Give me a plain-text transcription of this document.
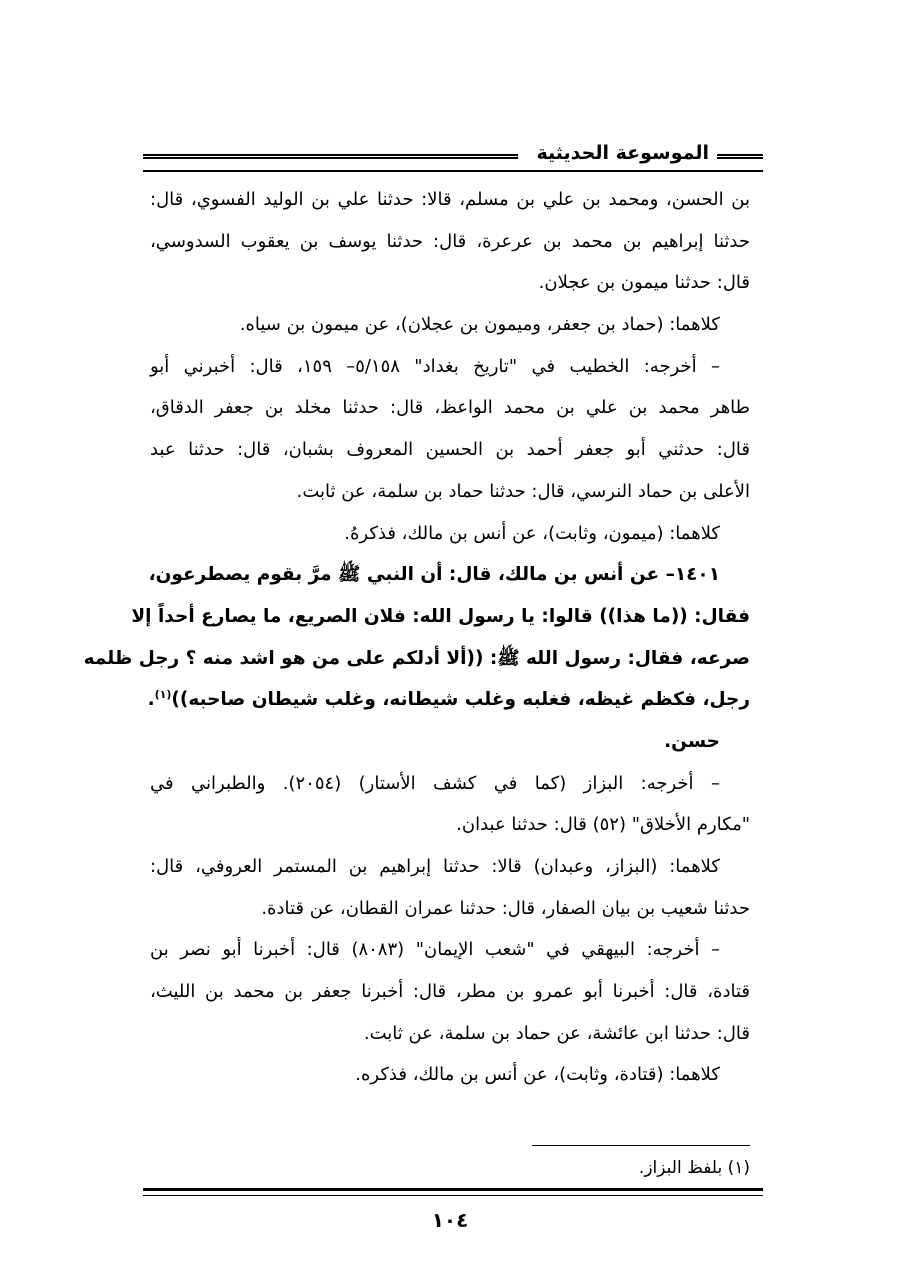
الموسوعة الحديثية
بن الحسن، ومحمد بن علي بن مسلم، قالا: حدثنا علي بن الوليد الفسوي، قال:
حدثنا إبراهيم بن محمد بن عرعرة، قال: حدثنا يوسف بن يعقوب السدوسي،
قال: حدثنا ميمون بن عجلان.
كلاهما: (حماد بن جعفر، وميمون بن عجلان)، عن ميمون بن سياه.
– أخرجه: الخطيب في "تاريخ بغداد" ٥/١٥٨– ١٥٩، قال: أخبرني أبو
طاهر محمد بن علي بن محمد الواعظ، قال: حدثنا مخلد بن جعفر الدقاق،
قال: حدثني أبو جعفر أحمد بن الحسين المعروف بشبان، قال: حدثنا عبد
الأعلى بن حماد النرسي، قال: حدثنا حماد بن سلمة، عن ثابت.
كلاهما: (ميمون، وثابت)، عن أنس بن مالك، فذكرهُ.
١٤٠١– عن أنس بن مالك، قال: أن النبي ﷺ مرَّ بقوم يصطرعون،
فقال: ((ما هذا)) قالوا: يا رسول الله: فلان الصريع، ما يصارع أحداً إلا
صرعه، فقال: رسول الله ﷺ: ((ألا أدلكم على من هو اشد منه ؟ رجل ظلمه
رجل، فكظم غيظه، فغلبه وغلب شيطانه، وغلب شيطان صاحبه))$^{(١)}$.
حسن.
– أخرجه: البزاز (كما في كشف الأستار) (٢٠٥٤). والطبراني في
"مكارم الأخلاق" (٥٢) قال: حدثنا عبدان.
كلاهما: (البزاز، وعبدان) قالا: حدثنا إبراهيم بن المستمر العروفي، قال:
حدثنا شعيب بن بيان الصفار، قال: حدثنا عمران القطان، عن قتادة.
– أخرجه: البيهقي في "شعب الإيمان" (٨٠٨٣) قال: أخبرنا أبو نصر بن
قتادة، قال: أخبرنا أبو عمرو بن مطر، قال: أخبرنا جعفر بن محمد بن الليث،
قال: حدثنا ابن عائشة، عن حماد بن سلمة، عن ثابت.
كلاهما: (قتادة، وثابت)، عن أنس بن مالك، فذكره.
(١) بلفظ البزاز.
١٠٤
